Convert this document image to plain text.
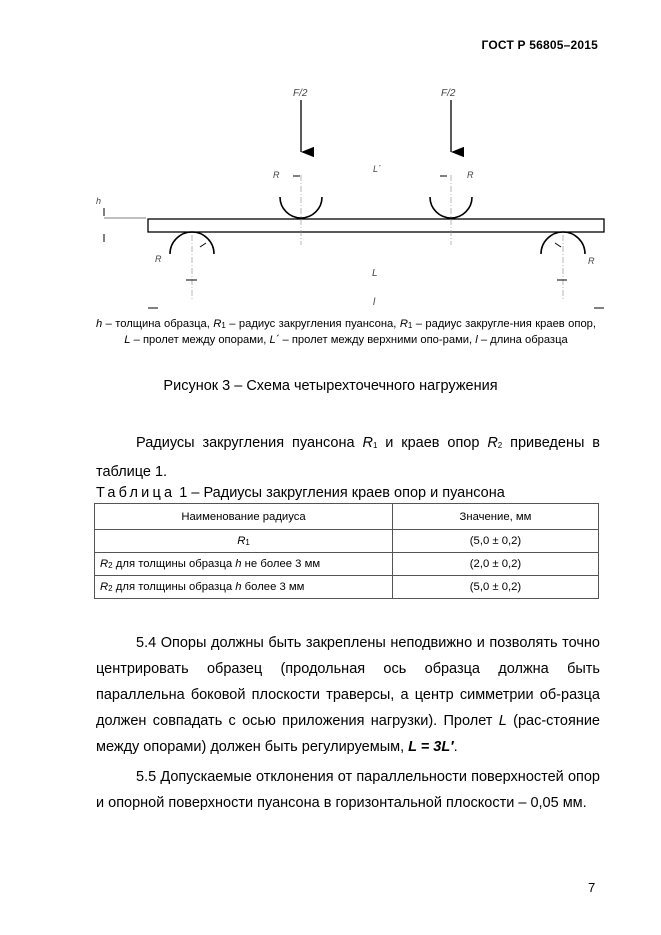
ГОСТ Р 56805–2015
F/2	F/2
R	R
R	R
h
L´
L
l
h – толщина образца, $R_1$ – радиус закругления пуансона, $R_1$ – радиус закругле-ния краев опор, L – пролет между опорами, L´ – пролет между верхними опо-рами, l – длина образца
Рисунок 3 – Схема четырехточечного нагружения
Радиусы закругления пуансона $R_1$ и краев опор $R_2$ приведены в таблице 1.
Таблица 1 – Радиусы закругления краев опор и пуансона
Наименование радиуса	Значение, мм
$R_1$	(5,0 ± 0,2)
$R_2$ для толщины образца h не более 3 мм	(2,0 ± 0,2)
$R_2$ для толщины образца h более 3 мм	(5,0 ± 0,2)
5.4 Опоры должны быть закреплены неподвижно и позволять точно центрировать образец (продольная ось образца должна быть параллельна боковой плоскости траверсы, а центр симметрии об-разца должен совпадать с осью приложения нагрузки). Пролет L (рас-стояние между опорами) должен быть регулируемым, L = 3L′.
5.5 Допускаемые отклонения от параллельности поверхностей опор и опорной поверхности пуансона в горизонтальной плоскости – 0,05 мм.
7
